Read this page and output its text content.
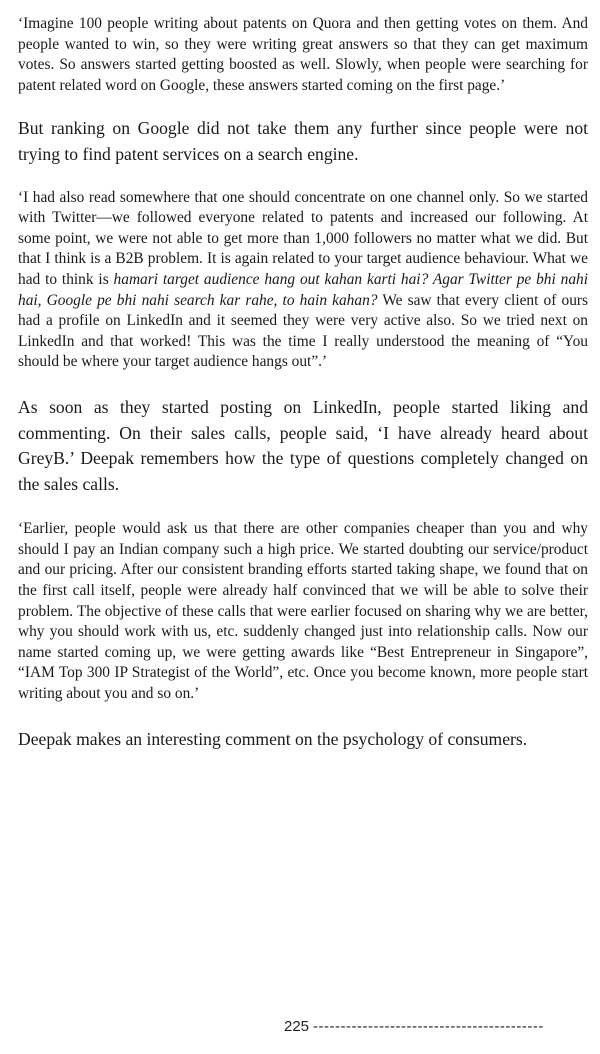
‘Imagine 100 people writing about patents on Quora and then getting votes on them. And people wanted to win, so they were writing great answers so that they can get maximum votes. So answers started getting boosted as well. Slowly, when people were searching for patent related word on Google, these answers started coming on the first page.’

But ranking on Google did not take them any further since people were not trying to find patent services on a search engine.

‘I had also read somewhere that one should concentrate on one channel only. So we started with Twitter—we followed everyone related to patents and increased our following. At some point, we were not able to get more than 1,000 followers no matter what we did. But that I think is a B2B problem. It is again related to your target audience behaviour. What we had to think is hamari target audience hang out kahan karti hai? Agar Twitter pe bhi nahi hai, Google pe bhi nahi search kar rahe, to hain kahan? We saw that every client of ours had a profile on LinkedIn and it seemed they were very active also. So we tried next on LinkedIn and that worked! This was the time I really understood the meaning of “You should be where your target audience hangs out”.’

As soon as they started posting on LinkedIn, people started liking and commenting. On their sales calls, people said, ‘I have already heard about GreyB.’ Deepak remembers how the type of questions completely changed on the sales calls.

‘Earlier, people would ask us that there are other companies cheaper than you and why should I pay an Indian company such a high price. We started doubting our service/product and our pricing. After our consistent branding efforts started taking shape, we found that on the first call itself, people were already half convinced that we will be able to solve their problem. The objective of these calls that were earlier focused on sharing why we are better, why you should work with us, etc. suddenly changed just into relationship calls. Now our name started coming up, we were getting awards like “Best Entrepreneur in Singapore”, “IAM Top 300 IP Strategist of the World”, etc. Once you become known, more people start writing about you and so on.’

Deepak makes an interesting comment on the psychology of consumers.

225 ------------------------------------------
